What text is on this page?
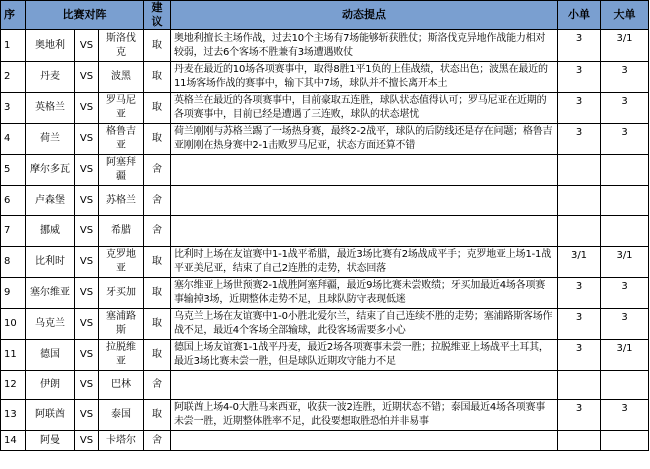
序	比赛对阵			建议	动态提点	小单	大单
1	奥地利	VS	斯洛伐克	取	奥地利擅长主场作战，过去10个主场有7场能够斩获胜仗；斯洛伐克异地作战能力相对较弱，过去6个客场不胜兼有3场遭遇败仗	3	3/1
2	丹麦	VS	波黑	取	丹麦在最近的10场各项赛事中，取得8胜1平1负的上佳战绩，状态出色；波黑在最近的11场客场作战的赛事中，输下其中7场，球队并不擅长离开本土	3	3
3	英格兰	VS	罗马尼亚	取	英格兰在最近的各项赛事中，目前豪取五连胜，球队状态值得认可；罗马尼亚在近期的各项赛事中，目前已经是遭遇了三连败，球队的状态堪忧	3	3
4	荷兰	VS	格鲁吉亚	取	荷兰刚刚与苏格兰踢了一场热身赛，最终2-2战平，球队的后防线还是存在问题；格鲁吉亚刚刚在热身赛中2-1击败罗马尼亚，状态方面还算不错	3	3
5	摩尔多瓦	VS	阿塞拜疆	舍			
6	卢森堡	VS	苏格兰	舍			
7	挪威	VS	希腊	舍			
8	比利时	VS	克罗地亚	取	比利时上场在友谊赛中1-1战平希腊，最近3场比赛有2场战成平手；克罗地亚上场1-1战平亚美尼亚，结束了自己2连胜的走势，状态回落	3/1	3/1
9	塞尔维亚	VS	牙买加	取	塞尔维亚上场世预赛2-1战胜阿塞拜疆，最近9场比赛未尝败绩；牙买加最近4场各项赛事输掉3场，近期整体走势不足，且球队防守表现低迷	3	3
10	乌克兰	VS	塞浦路斯	取	乌克兰上场在友谊赛中1-0小胜北爱尔兰，结束了自己连续不胜的走势；塞浦路斯客场作战不足，最近4个客场全部输球，此役客场需要多小心	3	3
11	德国	VS	拉脱维亚	取	德国上场友谊赛1-1战平丹麦，最近2场各项赛事未尝一胜；拉脱维亚上场战平土耳其，最近3场比赛未尝一胜，但是球队近期攻守能力不足	3	3/1
12	伊朗	VS	巴林	舍			
13	阿联酋	VS	泰国	取	阿联酋上场4-0大胜马来西亚，收获一波2连胜，近期状态不错；泰国最近4场各项赛事未尝一胜，近期整体胜率不足，此役要想取胜恐怕并非易事	3	3
14	阿曼	VS	卡塔尔	舍			
